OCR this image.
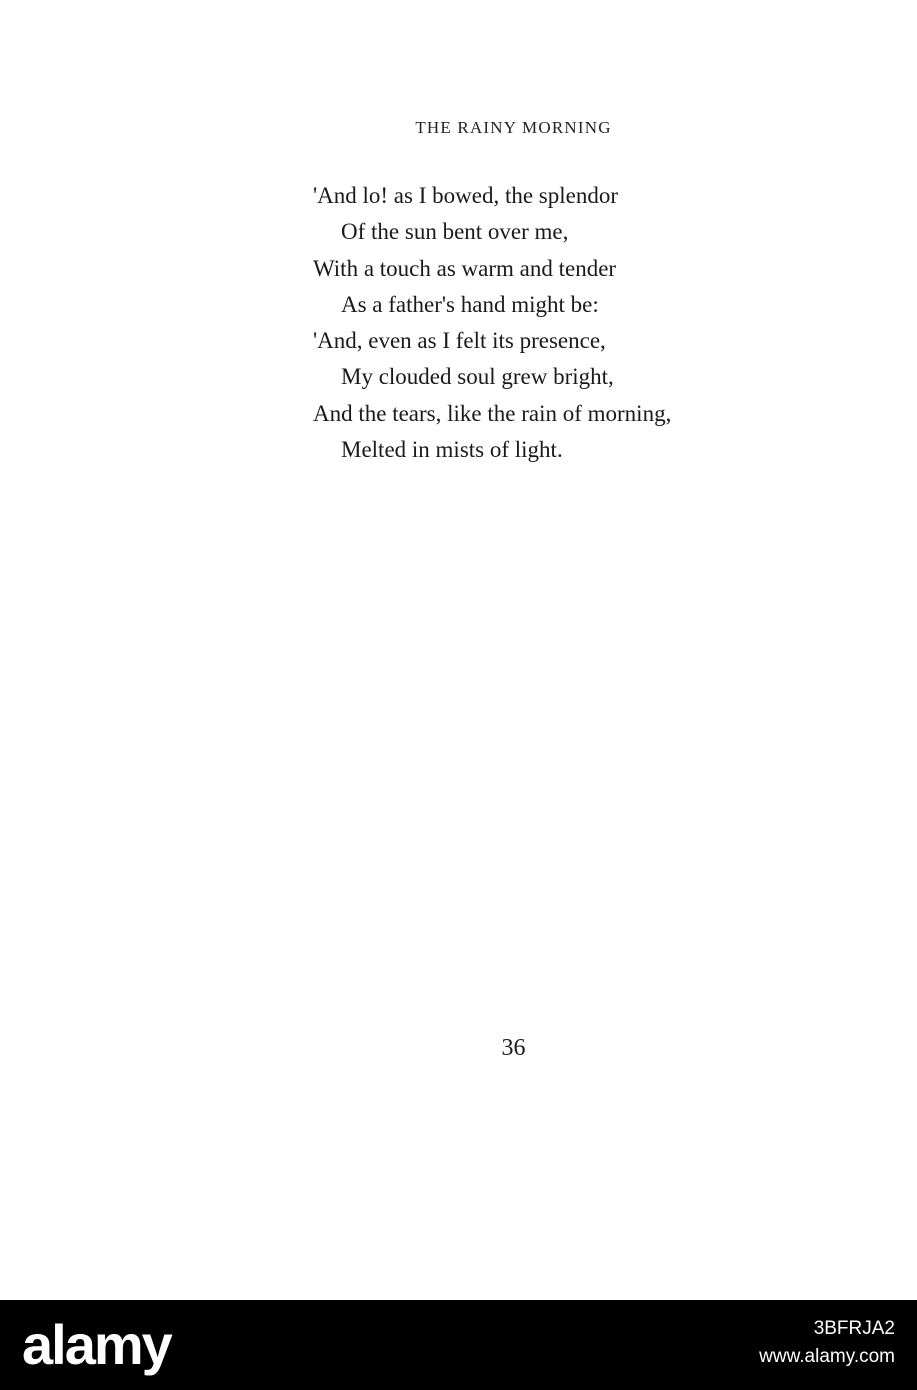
THE RAINY MORNING
'And lo! as I bowed, the splendor
Of the sun bent over me,
With a touch as warm and tender
As a father's hand might be:
'And, even as I felt its presence,
My clouded soul grew bright,
And the tears, like the rain of morning,
Melted in mists of light.
36
alamy	3BFRJA2
www.alamy.com
